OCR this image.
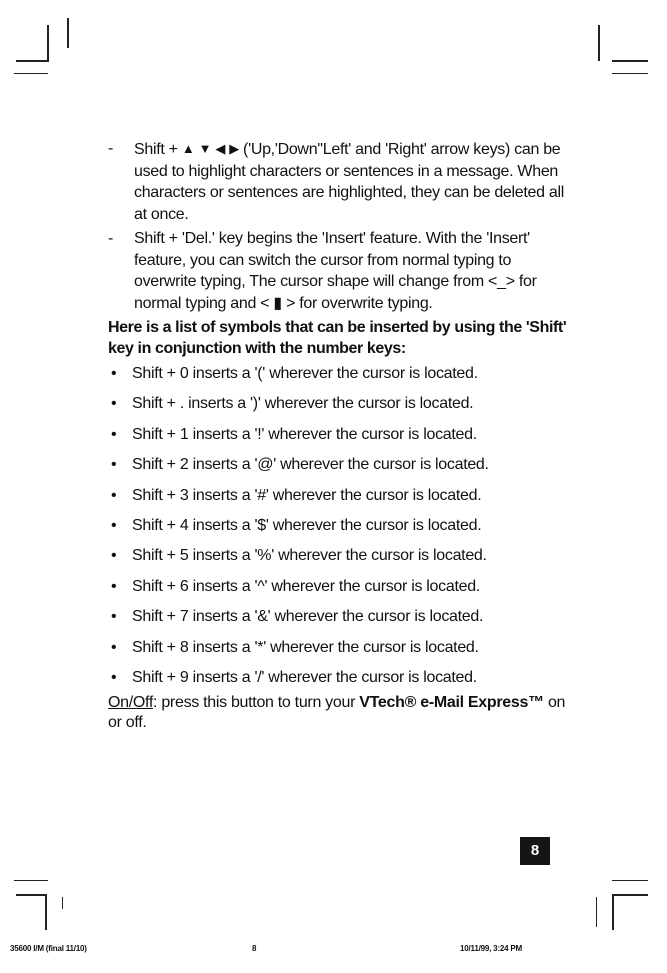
-	Shift + ▲ ▼ ◀ ▶ ('Up,'Down''Left' and 'Right' arrow keys) can be used to highlight characters or sentences in a message. When characters or sentences are highlighted, they can be deleted all at once.
-	Shift + 'Del.' key begins the 'Insert' feature. With the 'Insert' feature, you can switch the cursor from normal typing to overwrite typing, The cursor shape will change from <_> for normal typing and < ▮ > for overwrite typing.
Here is a list of symbols that can be inserted by using the 'Shift' key in conjunction with the number keys:
• Shift + 0 inserts a '(' wherever the cursor is located.
• Shift + . inserts a ')' wherever the cursor is located.
• Shift + 1 inserts a '!' wherever the cursor is located.
• Shift + 2 inserts a '@' wherever the cursor is located.
• Shift + 3 inserts a '#' wherever the cursor is located.
• Shift + 4 inserts a '$' wherever the cursor is located.
• Shift + 5 inserts a '%' wherever the cursor is located.
• Shift + 6 inserts a '^' wherever the cursor is located.
• Shift + 7 inserts a '&' wherever the cursor is located.
• Shift + 8 inserts a '*' wherever the cursor is located.
• Shift + 9 inserts a '/' wherever the cursor is located.
On/Off: press this button to turn your VTech® e-Mail Express™ on or off.
8
35600 I/M (final 11/10)	8	10/11/99, 3:24 PM
